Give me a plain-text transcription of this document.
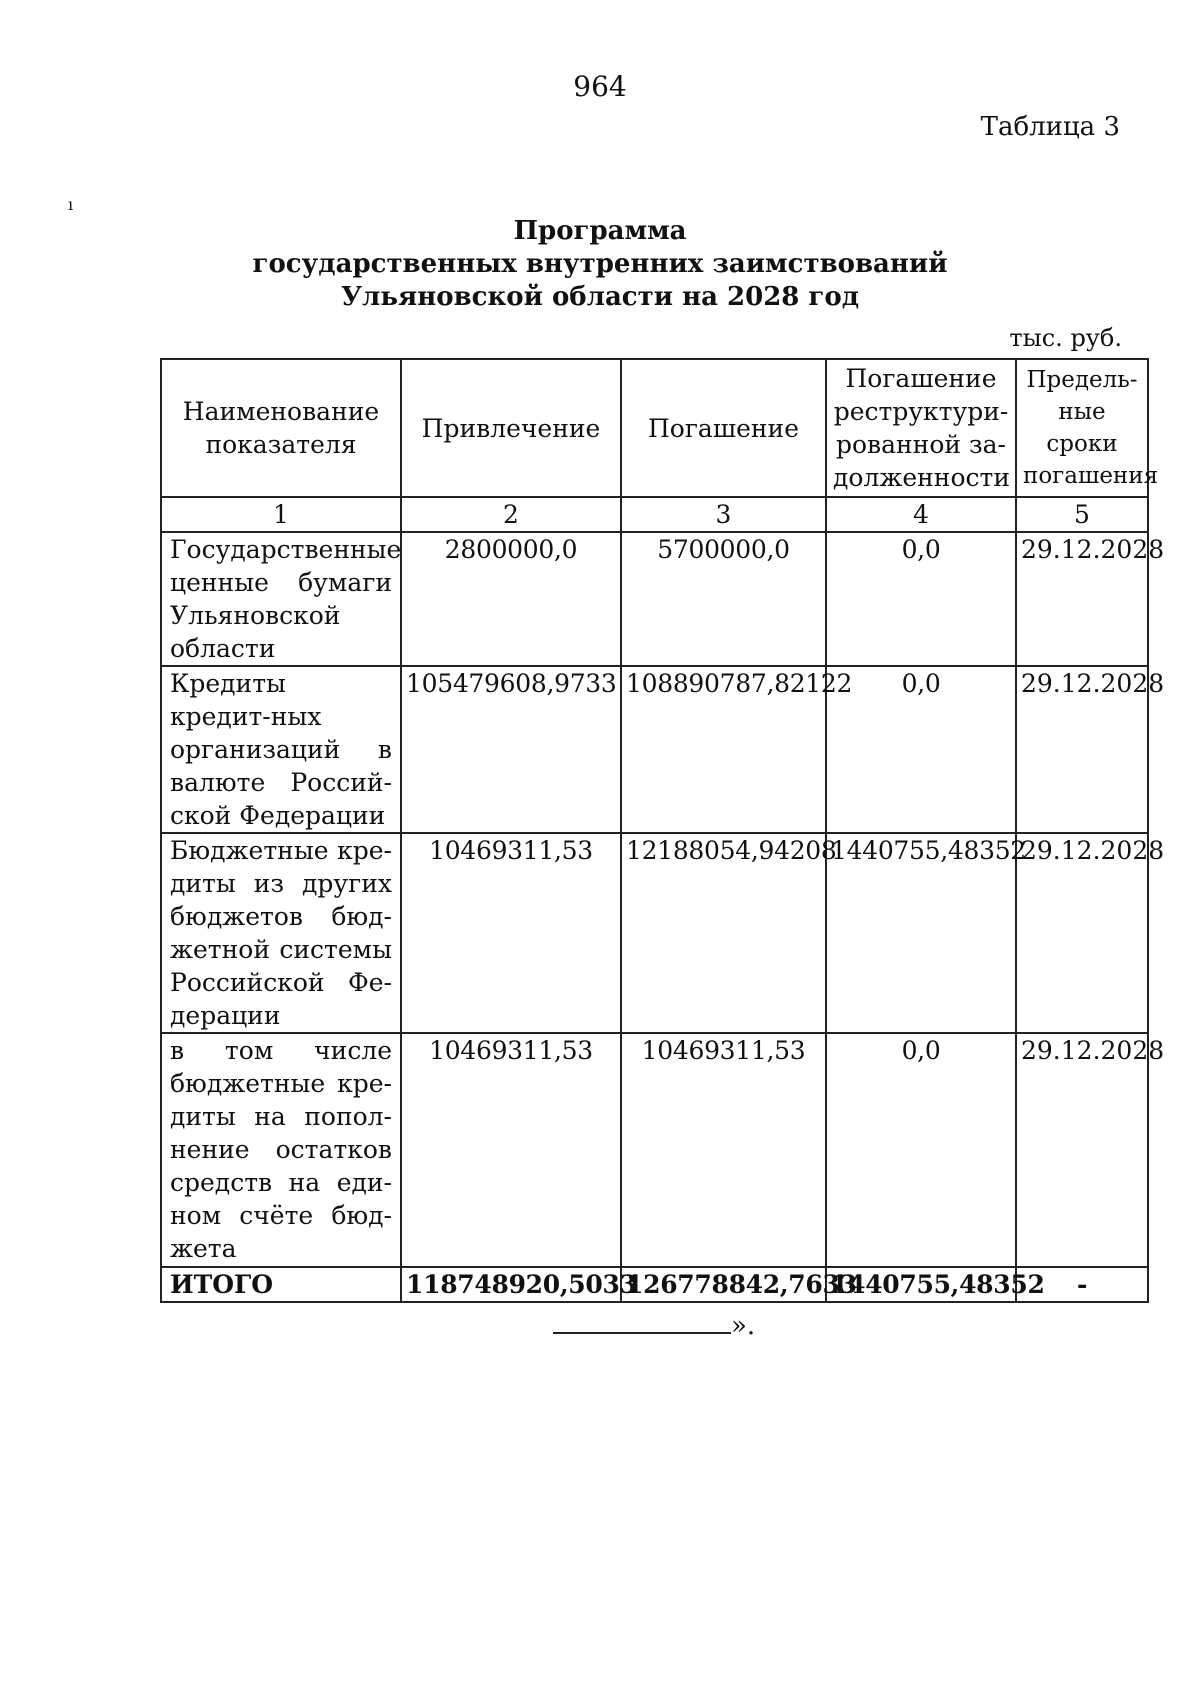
964
Таблица 3
ı
Программа
государственных внутренних заимствований
Ульяновской области на 2028 год
тыс. руб.
Наименование показателя	Привлечение	Погашение	Погашение реструктури-рованной за-долженности	Предель-ные сроки погашения
1	2	3	4	5
Государственные ценные бумаги Ульяновской области	2800000,0	5700000,0	0,0	29.12.2028
Кредиты кредит-ных организаций в валюте Россий-ской Федерации	105479608,9733	108890787,82122	0,0	29.12.2028
Бюджетные кре-диты из других бюджетов бюд-жетной системы Российской Фе-дерации	10469311,53	12188054,94208	1440755,48352	29.12.2028
в том числе бюджетные кре-диты на попол-нение остатков средств на еди-ном счёте бюд-жета	10469311,53	10469311,53	0,0	29.12.2028
ИТОГО	118748920,5033	126778842,7633	1440755,48352	-
».
